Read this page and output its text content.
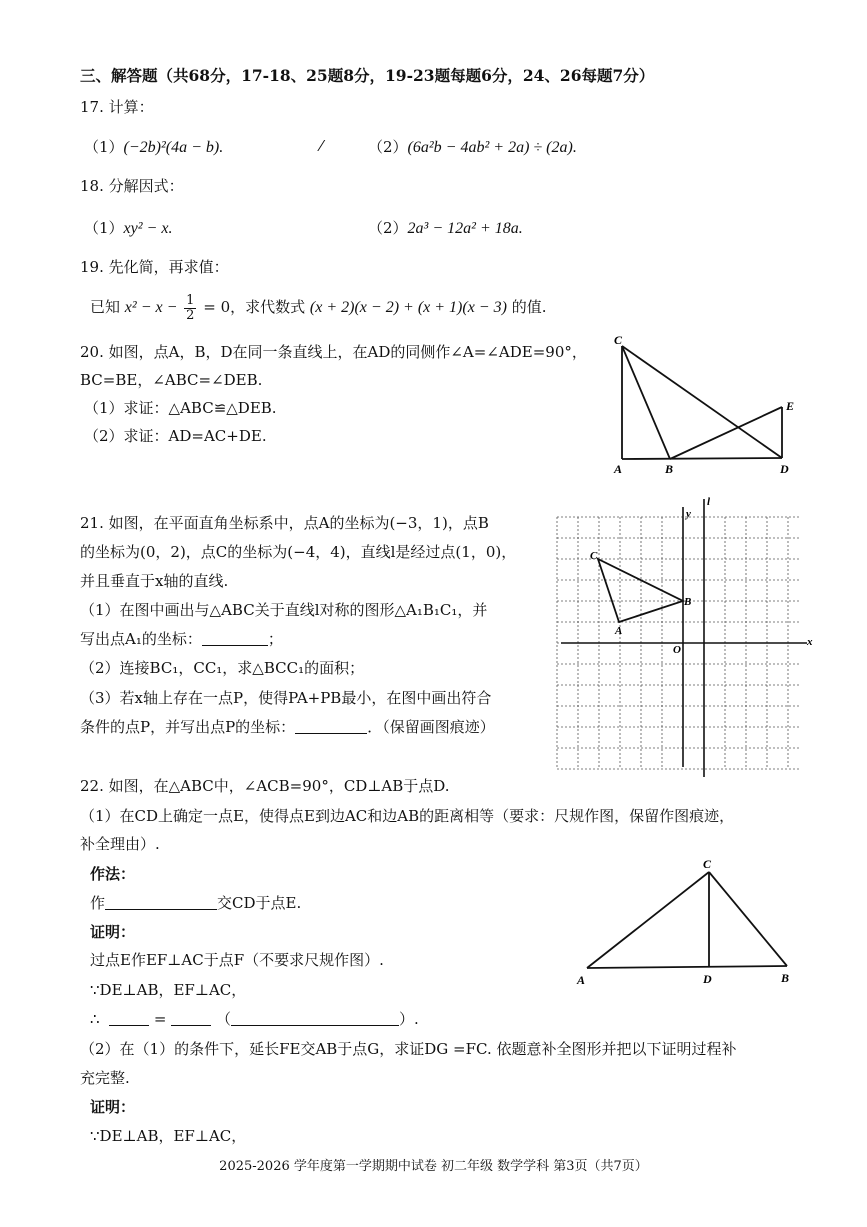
三、解答题（共68分，17-18、25题8分，19-23题每题6分，24、26每题7分）
17. 计算：
（1）(−2b)²(4a − b).	⁄	（2）(6a²b − 4ab² + 2a) ÷ (2a).
18. 分解因式：
（1）xy² − x.	（2）2a³ − 12a² + 18a.
19. 先化简，再求值：
已知 $x^2 - x - \frac{1}{2} = 0$，求代数式 (x + 2)(x − 2) + (x + 1)(x − 3) 的值.
20. 如图，点A，B，D在同一条直线上，在AD的同侧作∠A=∠ADE=90°，
BC=BE，∠ABC=∠DEB.
（1）求证：△ABC≌△DEB.
（2）求证：AD=AC+DE.
C
A	B	D
E
21. 如图，在平面直角坐标系中，点A的坐标为(−3，1)，点B
的坐标为(0，2)，点C的坐标为(−4，4)，直线l是经过点(1，0)，
并且垂直于x轴的直线.
（1）在图中画出与△ABC关于直线l对称的图形△A₁B₁C₁，并
写出点A₁的坐标：	；
（2）连接BC₁，CC₁，求△BCC₁的面积；
（3）若x轴上存在一点P，使得PA+PB最小，在图中画出符合
条件的点P，并写出点P的坐标：	．（保留画图痕迹）
y
l
x
O
C
B
A
22. 如图，在△ABC中，∠ACB=90°，CD⊥AB于点D.
（1）在CD上确定一点E，使得点E到边AC和边AB的距离相等（要求：尺规作图，保留作图痕迹，
补全理由）.
作法：
作	交CD于点E.
证明：
过点E作EF⊥AC于点F（不要求尺规作图）.
∵DE⊥AB，EF⊥AC，
∴	=	（	）.
（2）在（1）的条件下，延长FE交AB于点G，求证DG =FC. 依题意补全图形并把以下证明过程补
充完整.
证明：
∵DE⊥AB，EF⊥AC，
C
A	D	B
2025-2026 学年度第一学期期中试卷 初二年级 数学学科 第3页（共7页）
